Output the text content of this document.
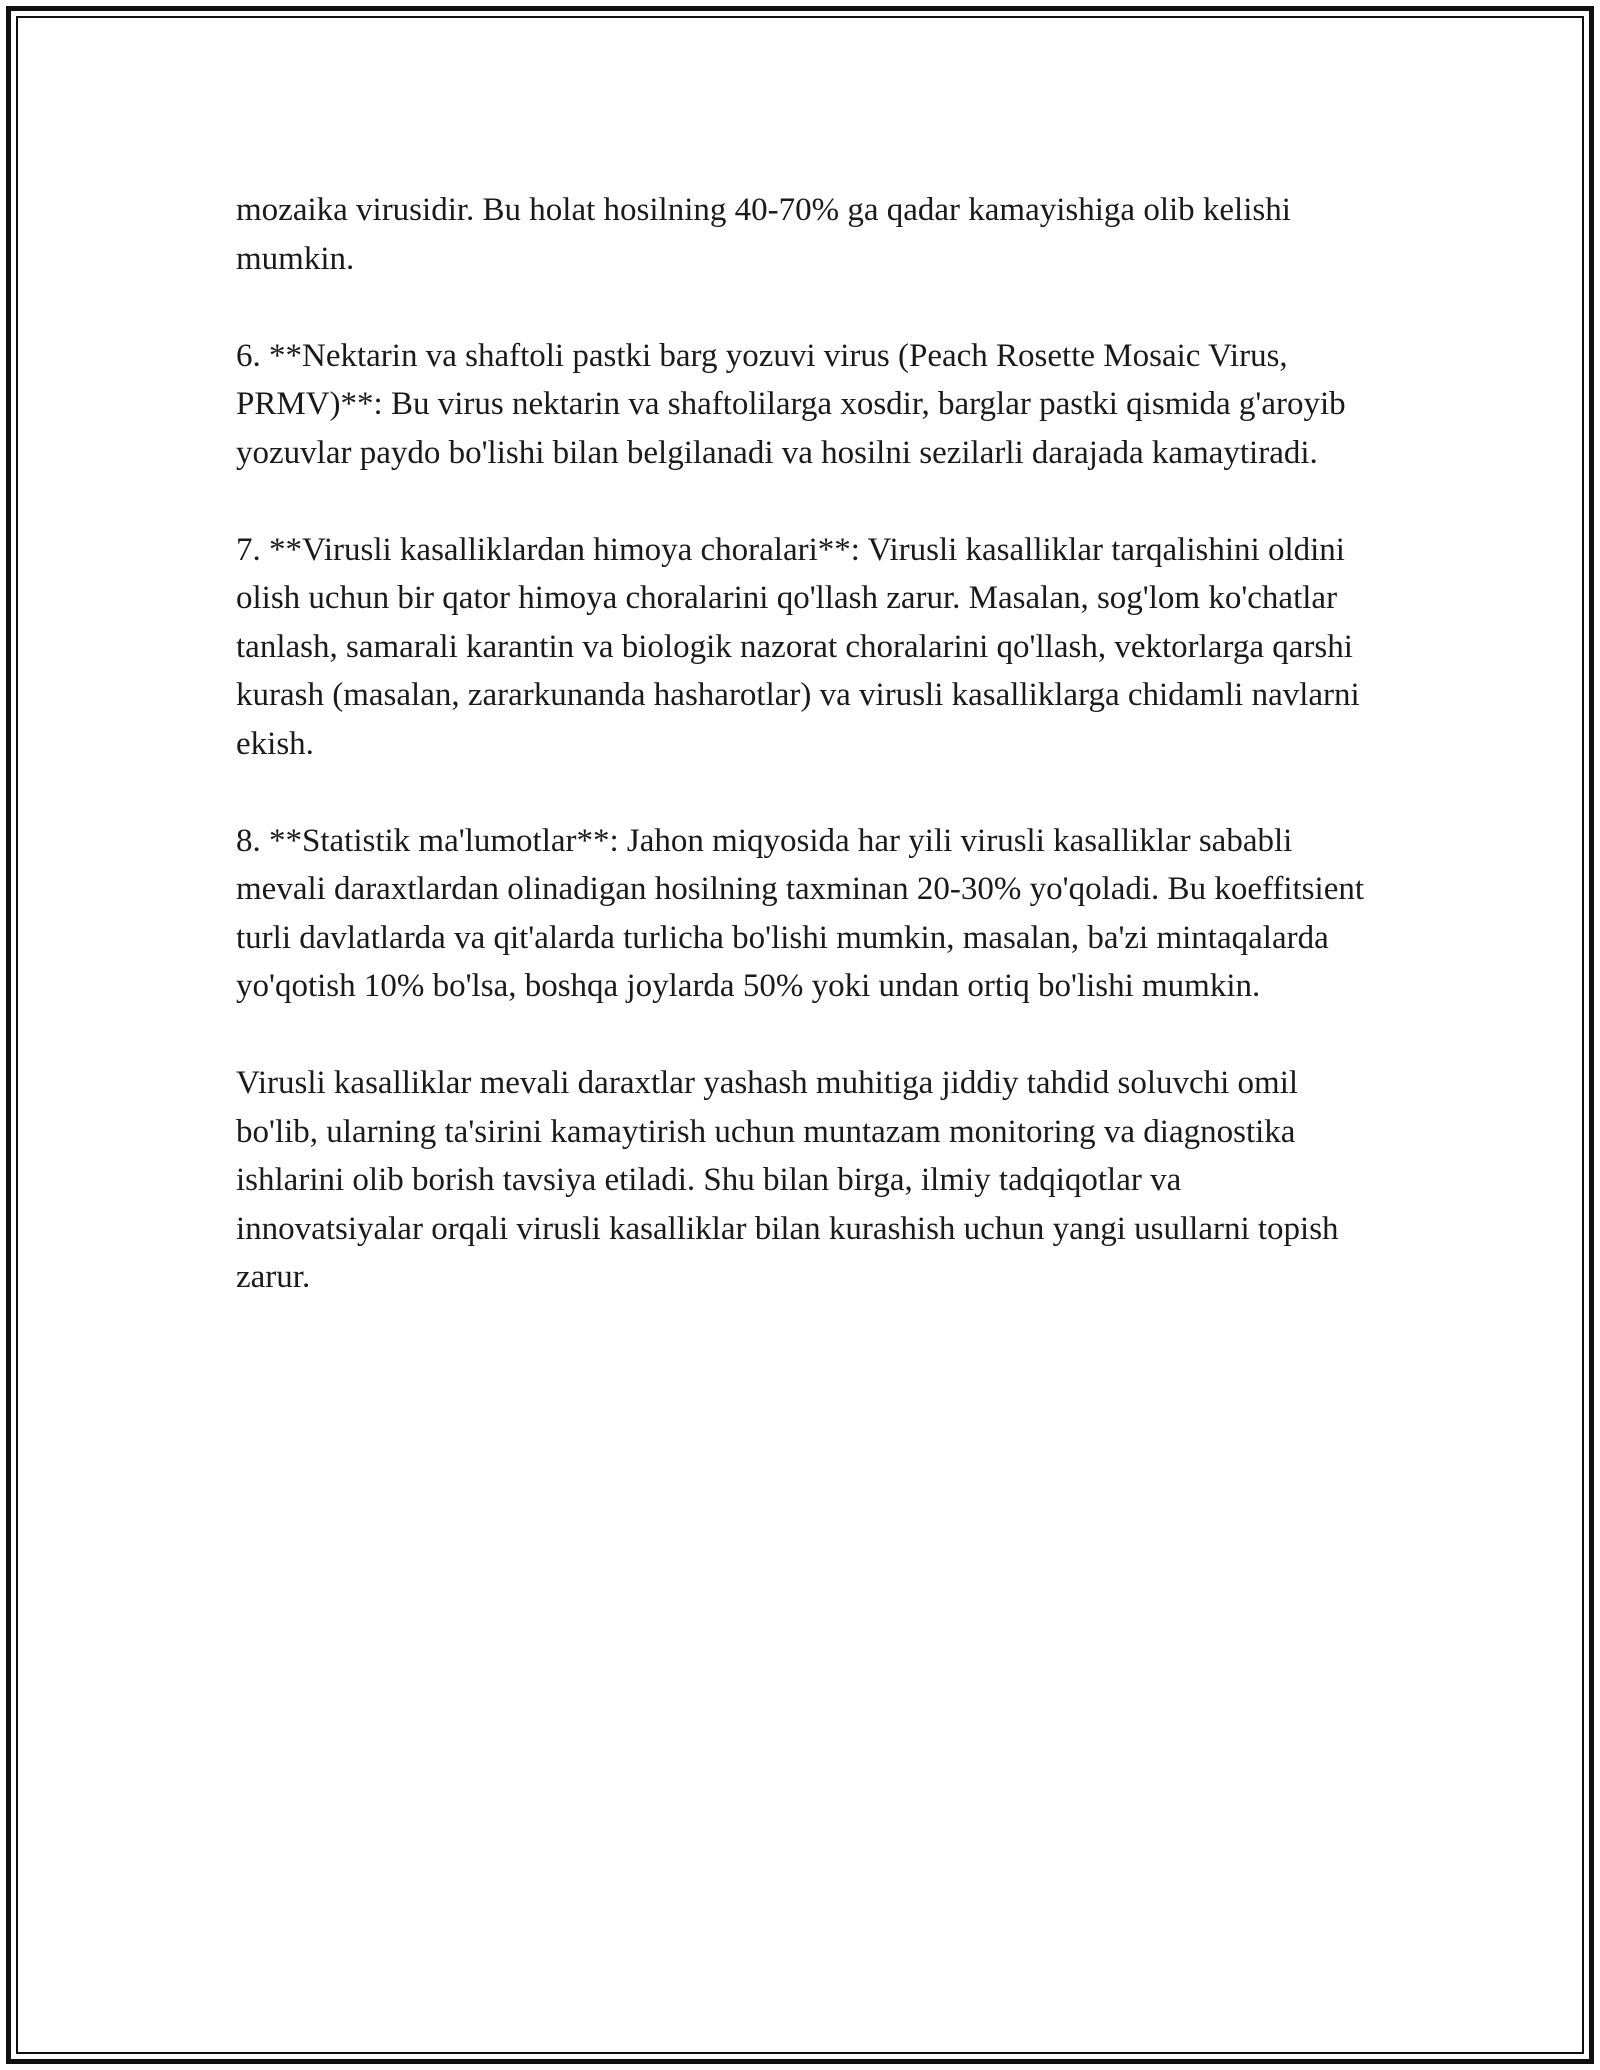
mozaika virusidir. Bu holat hosilning 40-70% ga qadar kamayishiga olib kelishi mumkin.

6. **Nektarin va shaftoli pastki barg yozuvi virus (Peach Rosette Mosaic Virus, PRMV)**: Bu virus nektarin va shaftolilarga xosdir, barglar pastki qismida g'aroyib yozuvlar paydo bo'lishi bilan belgilanadi va hosilni sezilarli darajada kamaytiradi.

7. **Virusli kasalliklardan himoya choralari**: Virusli kasalliklar tarqalishini oldini olish uchun bir qator himoya choralarini qo'llash zarur. Masalan, sog'lom ko'chatlar tanlash, samarali karantin va biologik nazorat choralarini qo'llash, vektorlarga qarshi kurash (masalan, zararkunanda hasharotlar) va virusli kasalliklarga chidamli navlarni ekish.

8. **Statistik ma'lumotlar**: Jahon miqyosida har yili virusli kasalliklar sababli mevali daraxtlardan olinadigan hosilning taxminan 20-30% yo'qoladi. Bu koeffitsient turli davlatlarda va qit'alarda turlicha bo'lishi mumkin, masalan, ba'zi mintaqalarda yo'qotish 10% bo'lsa, boshqa joylarda 50% yoki undan ortiq bo'lishi mumkin.

Virusli kasalliklar mevali daraxtlar yashash muhitiga jiddiy tahdid soluvchi omil bo'lib, ularning ta'sirini kamaytirish uchun muntazam monitoring va diagnostika ishlarini olib borish tavsiya etiladi. Shu bilan birga, ilmiy tadqiqotlar va innovatsiyalar orqali virusli kasalliklar bilan kurashish uchun yangi usullarni topish zarur.
